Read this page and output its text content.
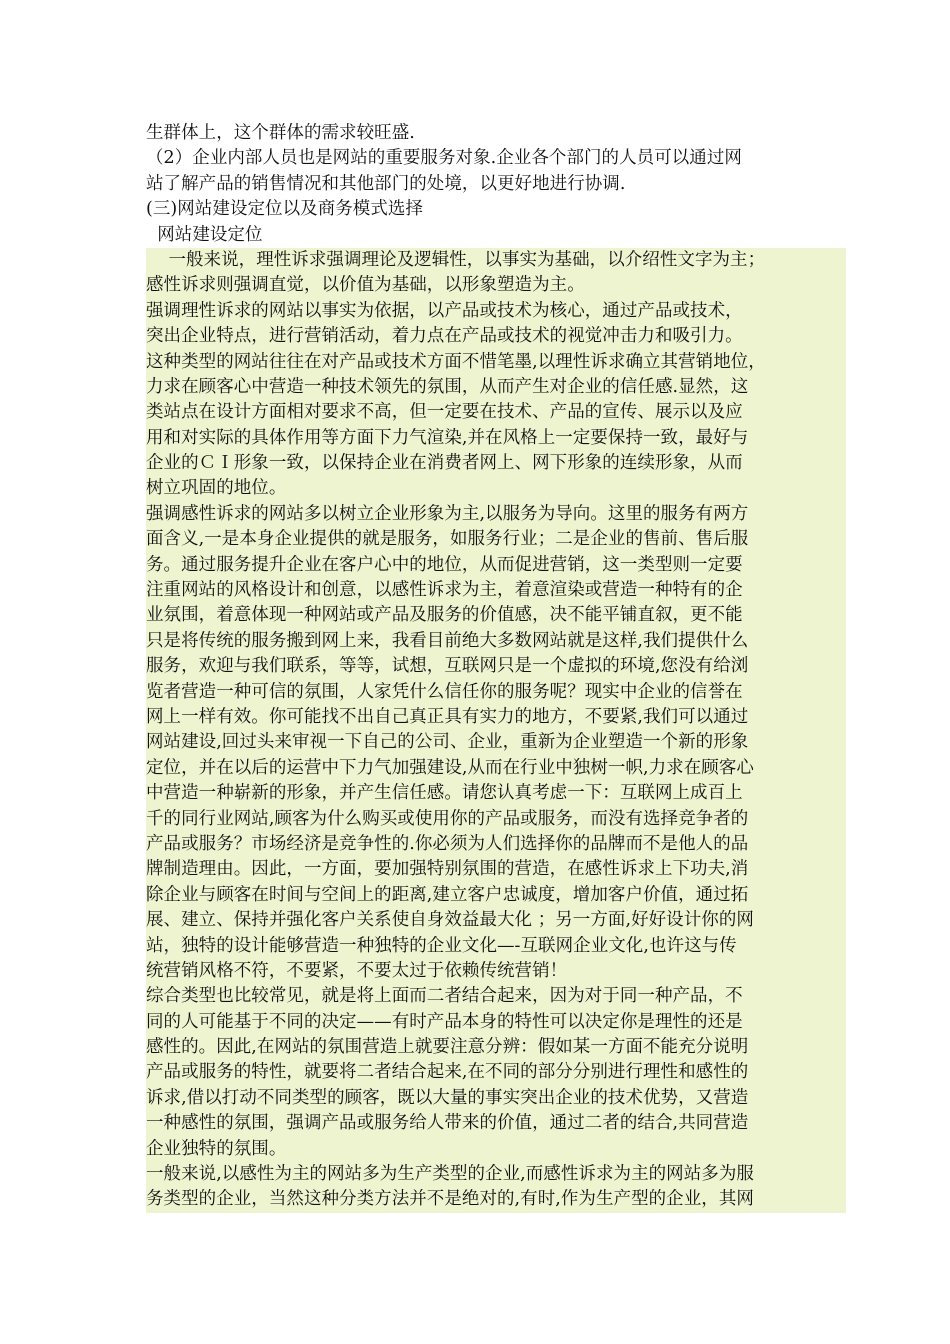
生群体上，这个群体的需求较旺盛.
（2）企业内部人员也是网站的重要服务对象.企业各个部门的人员可以通过网
站了解产品的销售情况和其他部门的处境，以更好地进行协调.
(三)网站建设定位以及商务模式选择
网站建设定位
一般来说，理性诉求强调理论及逻辑性，以事实为基础，以介绍性文字为主；
感性诉求则强调直觉，以价值为基础，以形象塑造为主。
强调理性诉求的网站以事实为依据，以产品或技术为核心，通过产品或技术，
突出企业特点，进行营销活动，着力点在产品或技术的视觉冲击力和吸引力。
这种类型的网站往往在对产品或技术方面不惜笔墨,以理性诉求确立其营销地位，
力求在顾客心中营造一种技术领先的氛围，从而产生对企业的信任感.显然，这
类站点在设计方面相对要求不高，但一定要在技术、产品的宣传、展示以及应
用和对实际的具体作用等方面下力气渲染,并在风格上一定要保持一致，最好与
企业的ＣＩ形象一致，以保持企业在消费者网上、网下形象的连续形象，从而
树立巩固的地位。
强调感性诉求的网站多以树立企业形象为主,以服务为导向。这里的服务有两方
面含义,一是本身企业提供的就是服务，如服务行业；二是企业的售前、售后服
务。通过服务提升企业在客户心中的地位，从而促进营销，这一类型则一定要
注重网站的风格设计和创意，以感性诉求为主，着意渲染或营造一种特有的企
业氛围，着意体现一种网站或产品及服务的价值感，决不能平铺直叙，更不能
只是将传统的服务搬到网上来，我看目前绝大多数网站就是这样,我们提供什么
服务，欢迎与我们联系，等等，试想，互联网只是一个虚拟的环境,您没有给浏
览者营造一种可信的氛围，人家凭什么信任你的服务呢？现实中企业的信誉在
网上一样有效。你可能找不出自己真正具有实力的地方，不要紧,我们可以通过
网站建设,回过头来审视一下自己的公司、企业，重新为企业塑造一个新的形象
定位，并在以后的运营中下力气加强建设,从而在行业中独树一帜,力求在顾客心
中营造一种崭新的形象，并产生信任感。请您认真考虑一下：互联网上成百上
千的同行业网站,顾客为什么购买或使用你的产品或服务，而没有选择竞争者的
产品或服务？市场经济是竞争性的.你必须为人们选择你的品牌而不是他人的品
牌制造理由。因此，一方面，要加强特别氛围的营造，在感性诉求上下功夫,消
除企业与顾客在时间与空间上的距离,建立客户忠诚度，增加客户价值，通过拓
展、建立、保持并强化客户关系使自身效益最大化 ；另一方面,好好设计你的网
站，独特的设计能够营造一种独特的企业文化—-互联网企业文化,也许这与传
统营销风格不符，不要紧，不要太过于依赖传统营销！
综合类型也比较常见，就是将上面而二者结合起来，因为对于同一种产品，不
同的人可能基于不同的决定——有时产品本身的特性可以决定你是理性的还是
感性的。因此,在网站的氛围营造上就要注意分辨：假如某一方面不能充分说明
产品或服务的特性，就要将二者结合起来,在不同的部分分别进行理性和感性的
诉求,借以打动不同类型的顾客，既以大量的事实突出企业的技术优势，又营造
一种感性的氛围，强调产品或服务给人带来的价值，通过二者的结合,共同营造
企业独特的氛围。
一般来说,以感性为主的网站多为生产类型的企业,而感性诉求为主的网站多为服
务类型的企业，当然这种分类方法并不是绝对的,有时,作为生产型的企业，其网
